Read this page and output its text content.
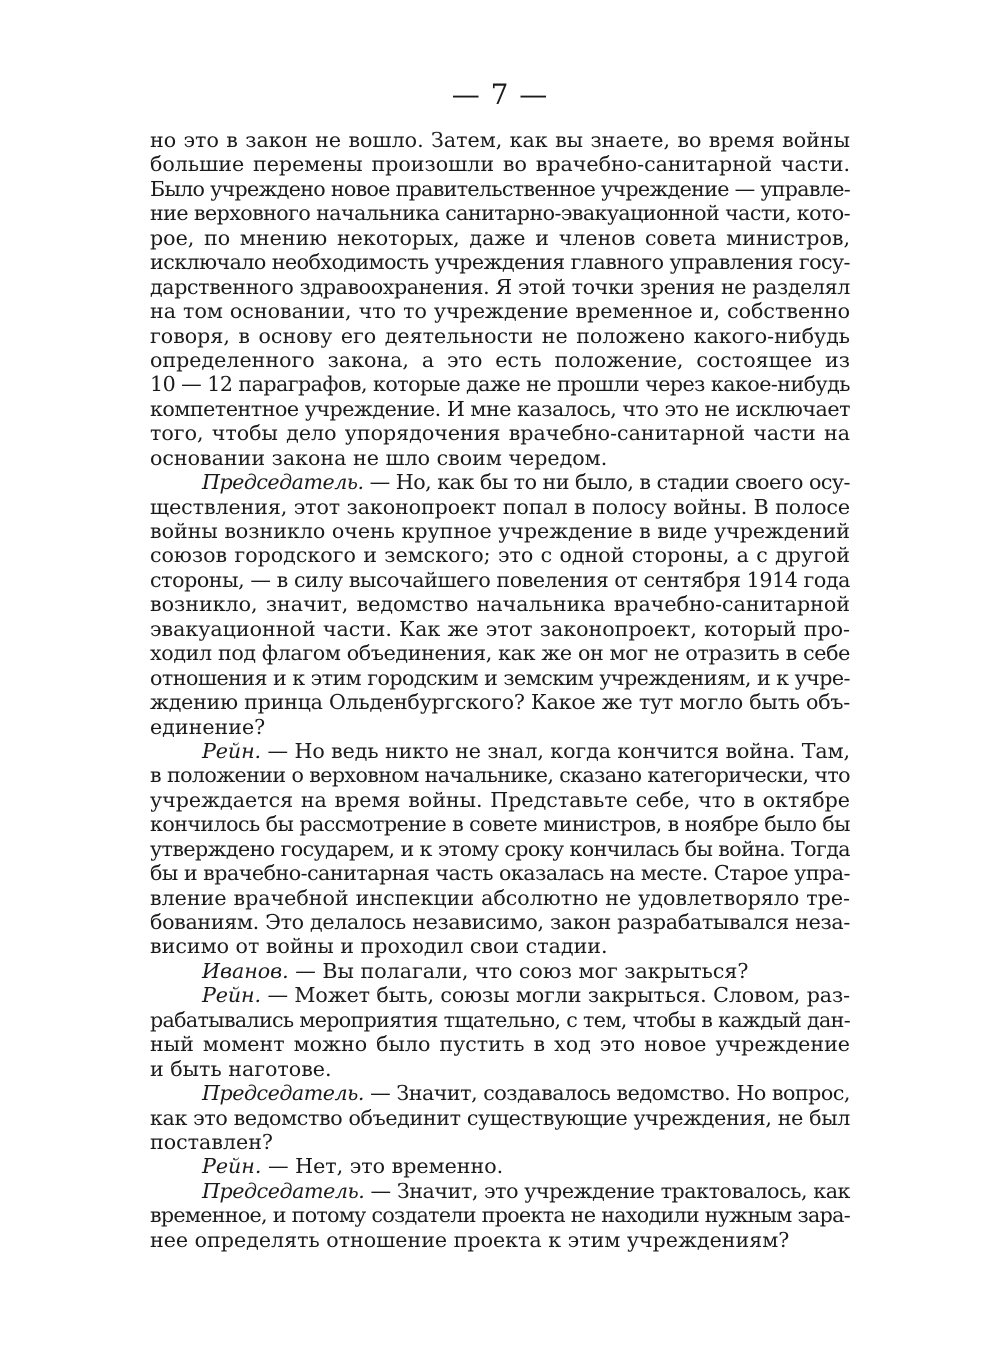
— 7 —
но это в закон не вошло. Затем, как вы знаете, во время войны
большие перемены произошли во врачебно-санитарной части.
Было учреждено новое правительственное учреждение — управле-
ние верховного начальника санитарно-эвакуационной части, кото-
рое, по мнению некоторых, даже и членов совета министров,
исключало необходимость учреждения главного управления госу-
дарственного здравоохранения. Я этой точки зрения не разделял
на том основании, что то учреждение временное и, собственно
говоря, в основу его деятельности не положено какого-нибудь
определенного закона, а это есть положение, состоящее из
10 — 12 параграфов, которые даже не прошли через какое-нибудь
компетентное учреждение. И мне казалось, что это не исключает
того, чтобы дело упорядочения врачебно-санитарной части на
основании закона не шло своим чередом.
Председатель. — Но, как бы то ни было, в стадии своего осу-
ществления, этот законопроект попал в полосу войны. В полосе
войны возникло очень крупное учреждение в виде учреждений
союзов городского и земского; это с одной стороны, а с другой
стороны, — в силу высочайшего повеления от сентября 1914 года
возникло, значит, ведомство начальника врачебно-санитарной
эвакуационной части. Как же этот законопроект, который про-
ходил под флагом объединения, как же он мог не отразить в себе
отношения и к этим городским и земским учреждениям, и к учре-
ждению принца Ольденбургского? Какое же тут могло быть объ-
единение?
Рейн. — Но ведь никто не знал, когда кончится война. Там,
в положении о верховном начальнике, сказано категорически, что
учреждается на время войны. Представьте себе, что в октябре
кончилось бы рассмотрение в совете министров, в ноябре было бы
утверждено государем, и к этому сроку кончилась бы война. Тогда
бы и врачебно-санитарная часть оказалась на месте. Старое упра-
вление врачебной инспекции абсолютно не удовлетворяло тре-
бованиям. Это делалось независимо, закон разрабатывался неза-
висимо от войны и проходил свои стадии.
Иванов. — Вы полагали, что союз мог закрыться?
Рейн. — Может быть, союзы могли закрыться. Словом, раз-
рабатывались мероприятия тщательно, с тем, чтобы в каждый дан-
ный момент можно было пустить в ход это новое учреждение
и быть наготове.
Председатель. — Значит, создавалось ведомство. Но вопрос,
как это ведомство объединит существующие учреждения, не был
поставлен?
Рейн. — Нет, это временно.
Председатель. — Значит, это учреждение трактовалось, как
временное, и потому создатели проекта не находили нужным зара-
нее определять отношение проекта к этим учреждениям?
